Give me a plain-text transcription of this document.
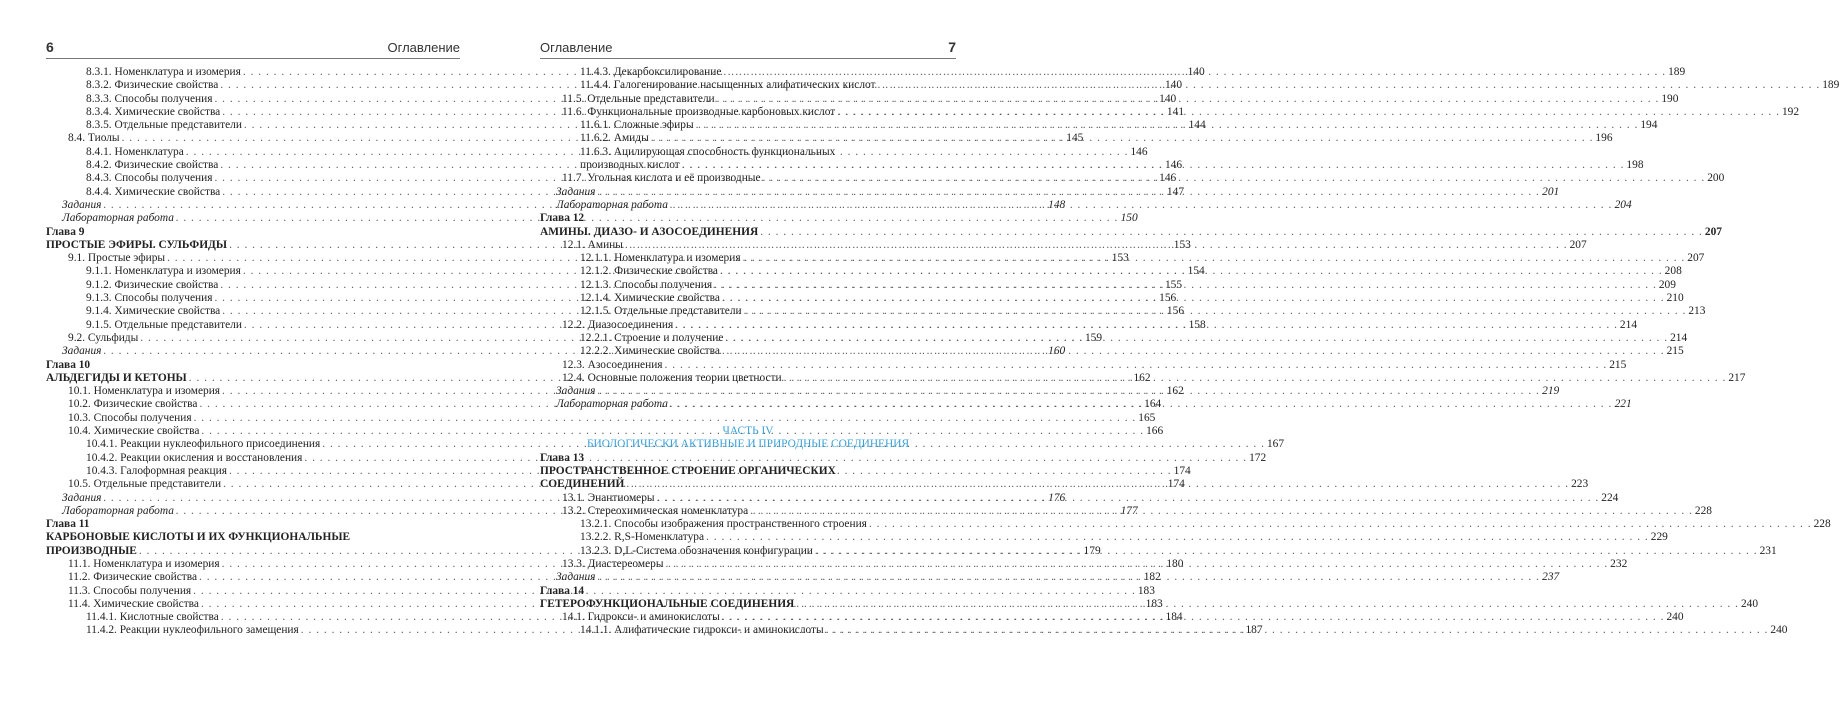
6	Оглавление
8.3.1. Номенклатура и изомерия . . .	140
8.3.2. Физические свойства . . .	140
8.3.3. Способы получения . . .	140
8.3.4. Химические свойства . . .	141
8.3.5. Отдельные представители . . .	144
8.4. Тиолы . . .	145
8.4.1. Номенклатура . . .	146
8.4.2. Физические свойства . . .	146
8.4.3. Способы получения . . .	146
8.4.4. Химические свойства . . .	147
Задания . . .	148
Лабораторная работа . . .	150
Глава 9
ПРОСТЫЕ ЭФИРЫ. СУЛЬФИДЫ . . .	153
9.1. Простые эфиры . . .	153
9.1.1. Номенклатура и изомерия . . .	154
9.1.2. Физические свойства . . .	155
9.1.3. Способы получения . . .	156
9.1.4. Химические свойства . . .	156
9.1.5. Отдельные представители . . .	158
9.2. Сульфиды . . .	159
Задания . . .	160
Глава 10
АЛЬДЕГИДЫ И КЕТОНЫ . . .	162
10.1. Номенклатура и изомерия . . .	162
10.2. Физические свойства . . .	164
10.3. Способы получения . . .	165
10.4. Химические свойства . . .	166
10.4.1. Реакции нуклеофильного присоединения . . .	167
10.4.2. Реакции окисления и восстановления . . .	172
10.4.3. Галоформная реакция . . .	174
10.5. Отдельные представители . . .	174
Задания . . .	176
Лабораторная работа . . .	177
Глава 11
КАРБОНОВЫЕ КИСЛОТЫ И ИХ ФУНКЦИОНАЛЬНЫЕ
ПРОИЗВОДНЫЕ . . .	179
11.1. Номенклатура и изомерия . . .	180
11.2. Физические свойства . . .	182
11.3. Способы получения . . .	183
11.4. Химические свойства . . .	183
11.4.1. Кислотные свойства . . .	184
11.4.2. Реакции нуклеофильного замещения . . .	187
Оглавление	7
11.4.3. Декарбоксилирование . . .	189
11.4.4. Галогенирование насыщенных алифатических кислот . . .	189
11.5. Отдельные представители . . .	190
11.6. Функциональные производные карбоновых кислот . . .	192
11.6.1. Сложные эфиры . . .	194
11.6.2. Амиды . . .	196
11.6.3. Ацилирующая способность функциональных
производных кислот . . .	198
11.7. Угольная кислота и её производные . . .	200
Задания . . .	201
Лабораторная работа . . .	204
Глава 12
АМИНЫ. ДИАЗО- И АЗОСОЕДИНЕНИЯ . . .	207
12.1. Амины . . .	207
12.1.1. Номенклатура и изомерия . . .	207
12.1.2. Физические свойства . . .	208
12.1.3. Способы получения . . .	209
12.1.4. Химические свойства . . .	210
12.1.5. Отдельные представители . . .	213
12.2. Диазосоединения . . .	214
12.2.1. Строение и получение . . .	214
12.2.2. Химические свойства . . .	215
12.3. Азосоединения . . .	215
12.4. Основные положения теории цветности . . .	217
Задания . . .	219
Лабораторная работа . . .	221
ЧАСТЬ IV
БИОЛОГИЧЕСКИ АКТИВНЫЕ И ПРИРОДНЫЕ СОЕДИНЕНИЯ
Глава 13
ПРОСТРАНСТВЕННОЕ СТРОЕНИЕ ОРГАНИЧЕСКИХ
СОЕДИНЕНИЙ . . .	223
13.1. Энантиомеры . . .	224
13.2. Стереохимическая номенклатура . . .	228
13.2.1. Способы изображения пространственного строения . . .	228
13.2.2. R,S-Номенклатура . . .	229
13.2.3. D,L-Система обозначения конфигурации . . .	231
13.3. Диастереомеры . . .	232
Задания . . .	237
Глава 14
ГЕТЕРОФУНКЦИОНАЛЬНЫЕ СОЕДИНЕНИЯ . . .	240
14.1. Гидрокси- и аминокислоты . . .	240
14.1.1. Алифатические гидрокси- и аминокислоты . . .	240
